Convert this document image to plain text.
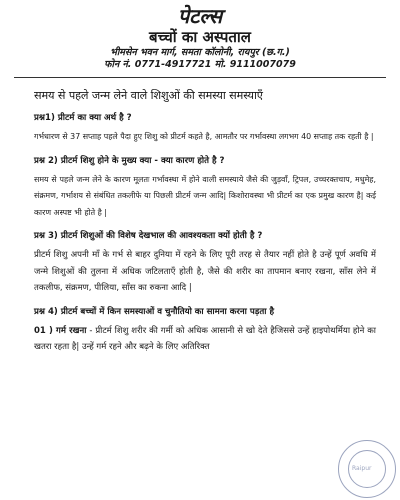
पेटल्स
बच्चों का अस्पताल
भीमसेन भवन मार्ग, समता कॉलोनी, रायपुर (छ.ग.)
फोन नं. 0771-4917721 मो. 9111007079
समय से पहले जन्म लेने वाले शिशुओं की समस्या समस्याएँ
प्रश्न1) प्रीटर्म का क्या अर्थ है ?
गर्भधारण से 37 सप्ताह पहले पैदा हुए शिशु को प्रीटर्म कहते है, आमतौर पर गर्भावस्था लगभग 40 सप्ताह तक रहती है |
प्रश्न 2) प्रीटर्म शिशु होने के मुख्य क्या - क्या कारण होते है ?
समय से पहले जन्म लेने के कारण मूलतः गर्भावस्था में होने वाली समस्याये जैसे की जुड़वाँ, ट्रिपल, उच्चरक्तचाप, मधुमेह, संक्रमण, गर्भाशय से संबंधित तकलीफे या पिछली प्रीटर्म जन्म आदि| किशोरावस्था भी प्रीटर्म का एक प्रमुख कारण है| कई कारण अस्पष्ट भी होते है |
प्रश्न 3) प्रीटर्म शिशुओं की विशेष देखभाल की आवश्यकता क्यों होती है ?
प्रीटर्म शिशु अपनी माँ के गर्भ से बाहर दुनिया में रहने के लिए पूरी तरह से तैयार नहीं होते है उन्हें पूर्ण अवधि में जन्मे शिशुओं की तुलना में अधिक जटिलताएँ होती है, जैसे की शरीर का तापमान बनाए रखना, साँस लेने में तकलीफ, संक्रमण, पीलिया, साँस का रुकना आदि |
प्रश्न 4) प्रीटर्म बच्चों में किन समस्याओं व चुनौतियो का सामना करना पड़ता है
01 ) गर्म रखना - प्रीटर्म शिशु शरीर की गर्मी को अधिक आसानी से खो देते हैजिससे उन्हें हाइपोथर्मिया होने का खतरा रहता है| उन्हें गर्म रहने और बढ़ने के लिए अतिरिक्त
Raipur
